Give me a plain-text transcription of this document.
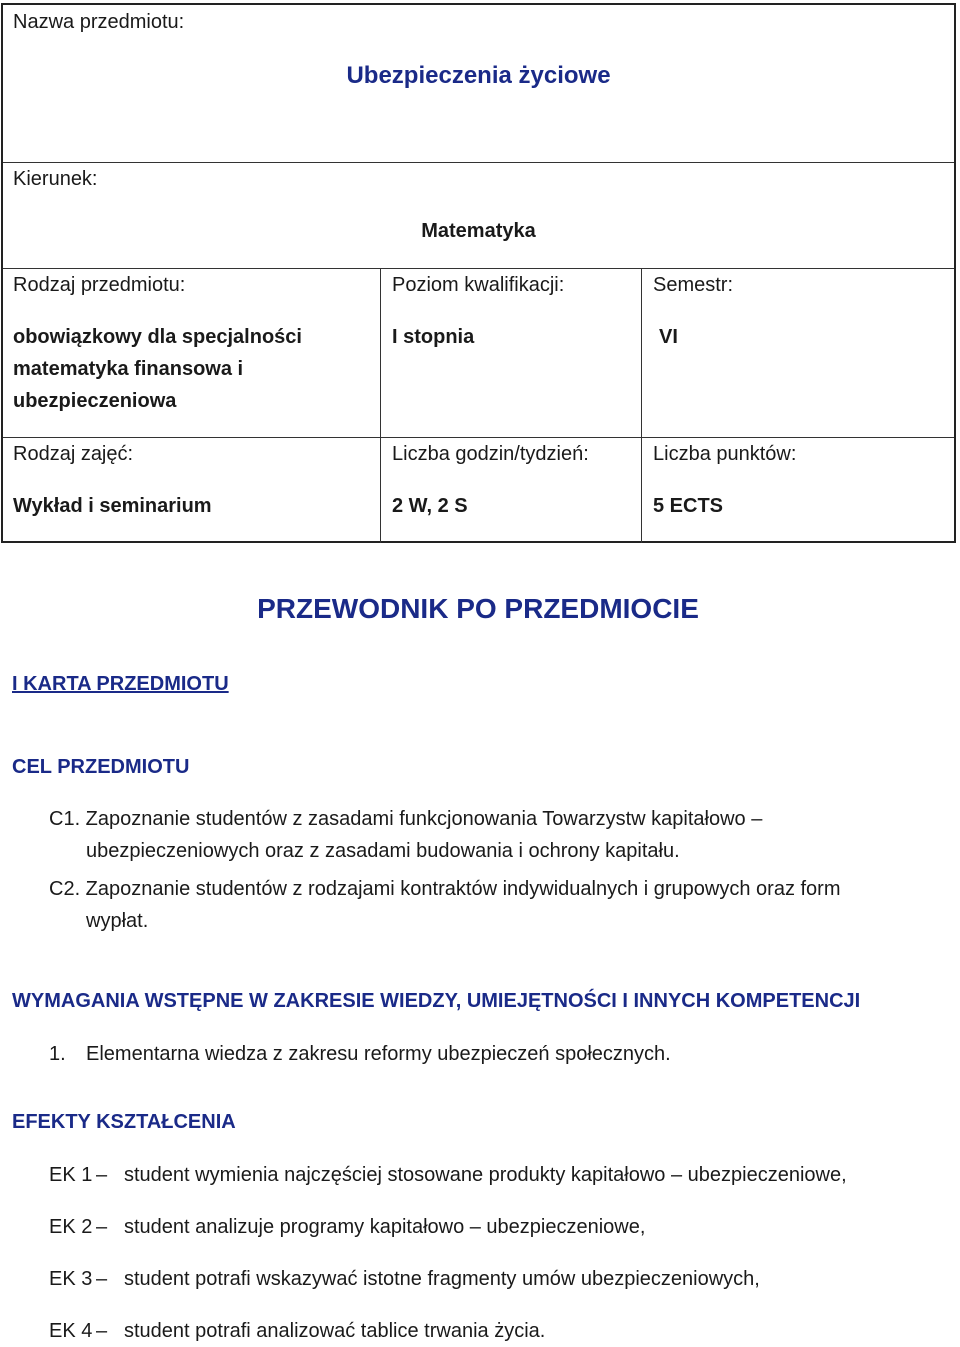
Nazwa przedmiotu:
Ubezpieczenia życiowe
Kierunek:
Matematyka
Rodzaj przedmiotu:
obowiązkowy dla specjalności
matematyka finansowa i
ubezpieczeniowa
Poziom kwalifikacji:
I stopnia
Semestr:
VI
Rodzaj zajęć:
Wykład i seminarium
Liczba godzin/tydzień:
2 W, 2 S
Liczba punktów:
5 ECTS
PRZEWODNIK PO PRZEDMIOCIE
I KARTA PRZEDMIOTU
CEL PRZEDMIOTU
C1. Zapoznanie studentów z zasadami funkcjonowania Towarzystw kapitałowo –
ubezpieczeniowych oraz z zasadami budowania i ochrony kapitału.
C2. Zapoznanie studentów z rodzajami kontraktów indywidualnych i grupowych oraz form
wypłat.
WYMAGANIA WSTĘPNE W ZAKRESIE WIEDZY, UMIEJĘTNOŚCI I INNYCH KOMPETENCJI
1. Elementarna wiedza z zakresu reformy ubezpieczeń społecznych.
EFEKTY KSZTAŁCENIA
EK 1 – student wymienia najczęściej stosowane produkty kapitałowo – ubezpieczeniowe,
EK 2 – student analizuje programy kapitałowo – ubezpieczeniowe,
EK 3 – student potrafi wskazywać istotne fragmenty umów ubezpieczeniowych,
EK 4 – student potrafi analizować tablice trwania życia.
